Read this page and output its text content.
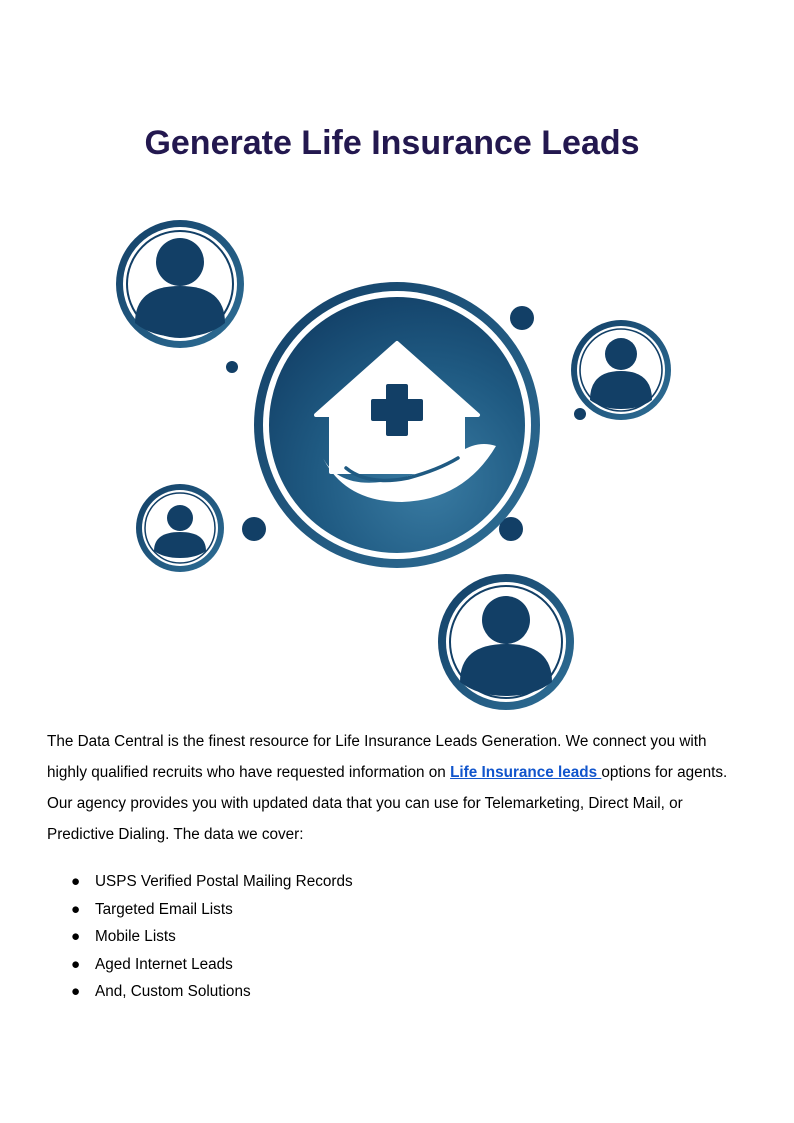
Generate Life Insurance Leads

The Data Central is the finest resource for Life Insurance Leads Generation. We connect you with highly qualified recruits who have requested information on Life Insurance leads options for agents. Our agency provides you with updated data that you can use for Telemarketing, Direct Mail, or Predictive Dialing. The data we cover:

● USPS Verified Postal Mailing Records
● Targeted Email Lists
● Mobile Lists
● Aged Internet Leads
● And, Custom Solutions
